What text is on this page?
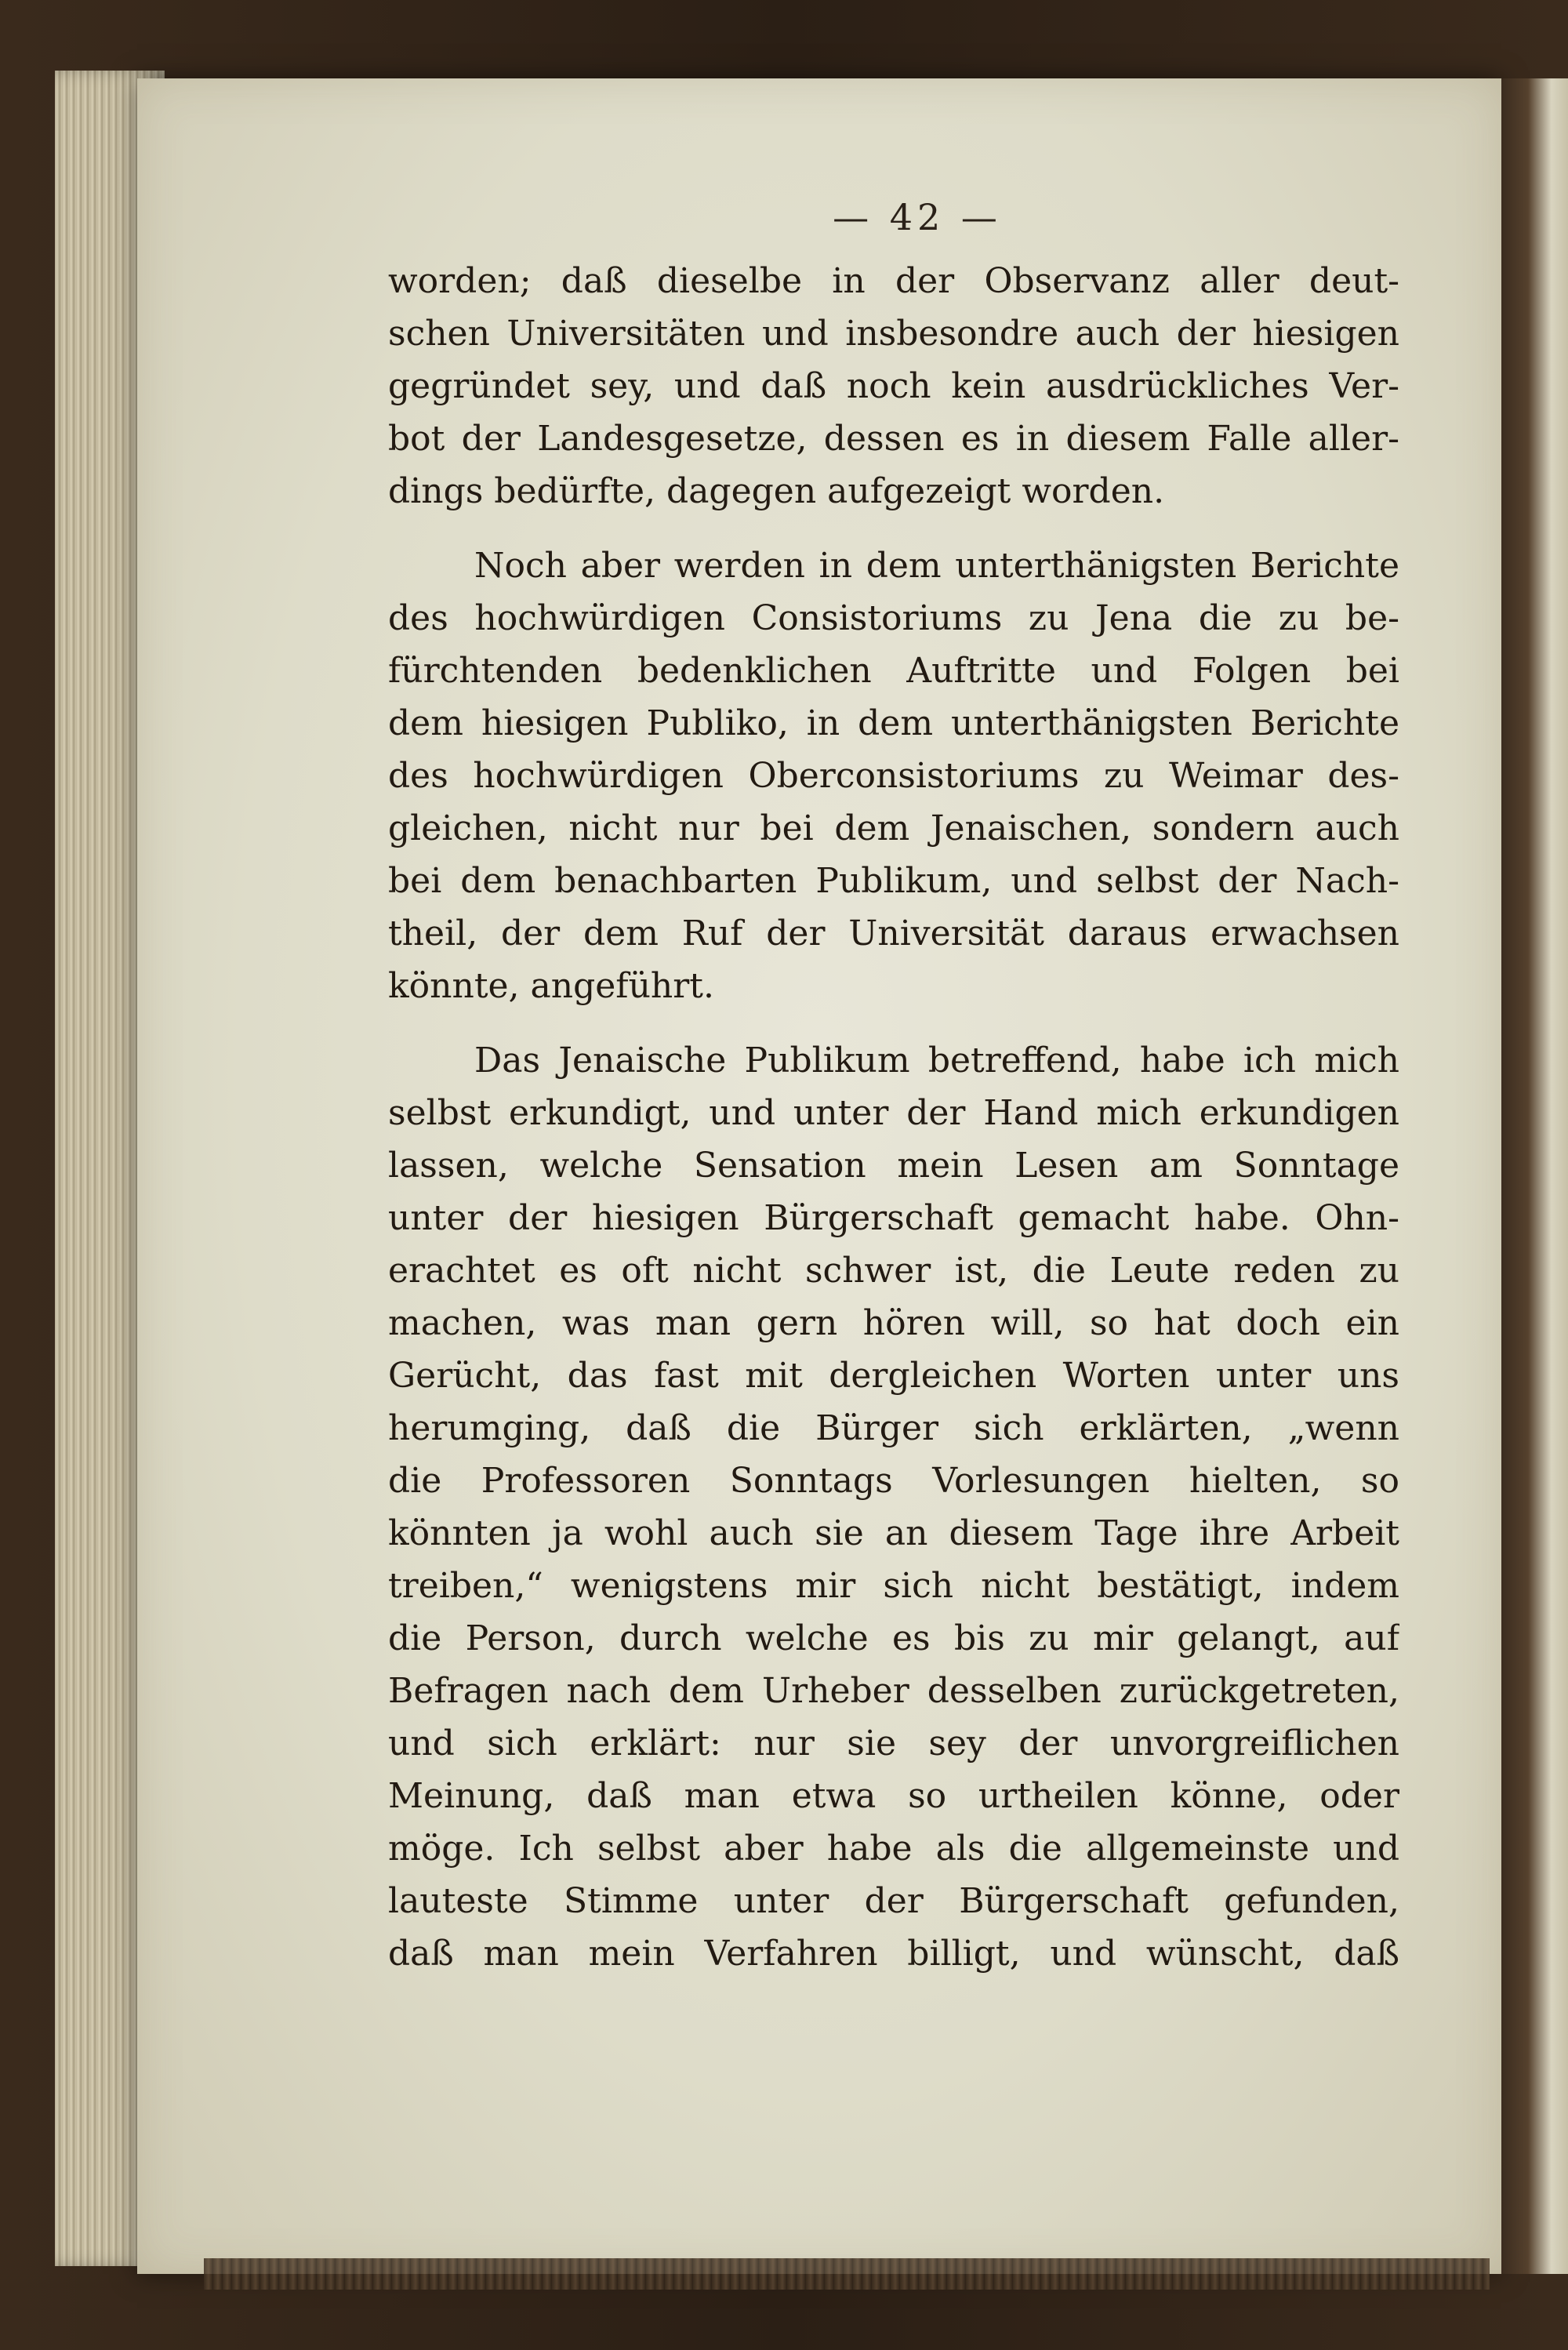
— 42 —
worden; daß dieselbe in der Observanz aller deut-
schen Universitäten und insbesondre auch der hiesigen
gegründet sey, und daß noch kein ausdrückliches Ver-
bot der Landesgesetze, dessen es in diesem Falle aller-
dings bedürfte, dagegen aufgezeigt worden.
Noch aber werden in dem unterthänigsten Berichte
des hochwürdigen Consistoriums zu Jena die zu be-
fürchtenden bedenklichen Auftritte und Folgen bei
dem hiesigen Publiko, in dem unterthänigsten Berichte
des hochwürdigen Oberconsistoriums zu Weimar des-
gleichen, nicht nur bei dem Jenaischen, sondern auch
bei dem benachbarten Publikum, und selbst der Nach-
theil, der dem Ruf der Universität daraus erwachsen
könnte, angeführt.
Das Jenaische Publikum betreffend, habe ich mich
selbst erkundigt, und unter der Hand mich erkundigen
lassen, welche Sensation mein Lesen am Sonntage
unter der hiesigen Bürgerschaft gemacht habe. Ohn-
erachtet es oft nicht schwer ist, die Leute reden zu
machen, was man gern hören will, so hat doch ein
Gerücht, das fast mit dergleichen Worten unter uns
herumging, daß die Bürger sich erklärten, „wenn
die Professoren Sonntags Vorlesungen hielten, so
könnten ja wohl auch sie an diesem Tage ihre Arbeit
treiben,“ wenigstens mir sich nicht bestätigt, indem
die Person, durch welche es bis zu mir gelangt, auf
Befragen nach dem Urheber desselben zurückgetreten,
und sich erklärt: nur sie sey der unvorgreiflichen
Meinung, daß man etwa so urtheilen könne, oder
möge. Ich selbst aber habe als die allgemeinste und
lauteste Stimme unter der Bürgerschaft gefunden,
daß man mein Verfahren billigt, und wünscht, daß
